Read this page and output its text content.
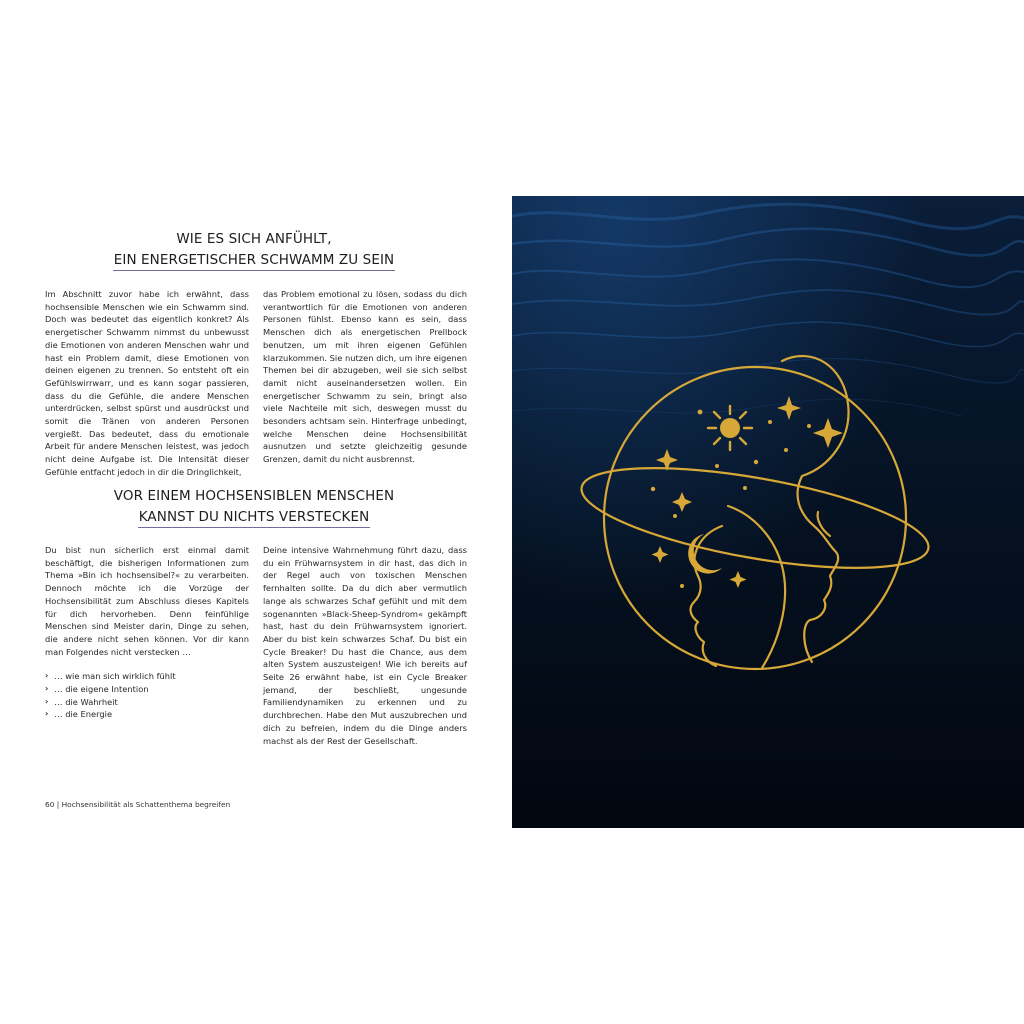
WIE ES SICH ANFÜHLT,
EIN ENERGETISCHER SCHWAMM ZU SEIN

Im Abschnitt zuvor habe ich erwähnt, dass hochsensible Menschen wie ein Schwamm sind. Doch was bedeutet das eigentlich konkret? Als energetischer Schwamm nimmst du unbewusst die Emotionen von anderen Menschen wahr und hast ein Problem damit, diese Emotionen von deinen eigenen zu trennen. So entsteht oft ein Gefühlswirrwarr, und es kann sogar passieren, dass du die Gefühle, die andere Menschen unterdrücken, selbst spürst und ausdrückst und somit die Tränen von anderen Personen vergießt. Das bedeutet, dass du emotionale Arbeit für andere Menschen leistest, was jedoch nicht deine Aufgabe ist. Die Intensität dieser Gefühle entfacht jedoch in dir die Dringlichkeit,

das Problem emotional zu lösen, sodass du dich verantwortlich für die Emotionen von anderen Personen fühlst. Ebenso kann es sein, dass Menschen dich als energetischen Prellbock benutzen, um mit ihren eigenen Gefühlen klarzukommen. Sie nutzen dich, um ihre eigenen Themen bei dir abzugeben, weil sie sich selbst damit nicht auseinandersetzen wollen. Ein energetischer Schwamm zu sein, bringt also viele Nachteile mit sich, deswegen musst du besonders achtsam sein. Hinterfrage unbedingt, welche Menschen deine Hochsensibilität ausnutzen und setzte gleichzeitig gesunde Grenzen, damit du nicht ausbrennst.

VOR EINEM HOCHSENSIBLEN MENSCHEN
KANNST DU NICHTS VERSTECKEN

Du bist nun sicherlich erst einmal damit beschäftigt, die bisherigen Informationen zum Thema »Bin ich hochsensibel?« zu verarbeiten. Dennoch möchte ich die Vorzüge der Hochsensibilität zum Abschluss dieses Kapitels für dich hervorheben. Denn feinfühlige Menschen sind Meister darin, Dinge zu sehen, die andere nicht sehen können. Vor dir kann man Folgendes nicht verstecken …

› … wie man sich wirklich fühlt
› … die eigene Intention
› … die Wahrheit
› … die Energie

Deine intensive Wahrnehmung führt dazu, dass du ein Frühwarnsystem in dir hast, das dich in der Regel auch von toxischen Menschen fernhalten sollte. Da du dich aber vermutlich lange als schwarzes Schaf gefühlt und mit dem sogenannten »Black-Sheep-Syndrom« gekämpft hast, hast du dein Frühwarnsystem ignoriert. Aber du bist kein schwarzes Schaf. Du bist ein Cycle Breaker! Du hast die Chance, aus dem alten System auszusteigen! Wie ich bereits auf Seite 26 erwähnt habe, ist ein Cycle Breaker jemand, der beschließt, ungesunde Familiendynamiken zu erkennen und zu durchbrechen. Habe den Mut auszubrechen und dich zu befreien, indem du die Dinge anders machst als der Rest der Gesellschaft.

60 | Hochsensibilität als Schattenthema begreifen
